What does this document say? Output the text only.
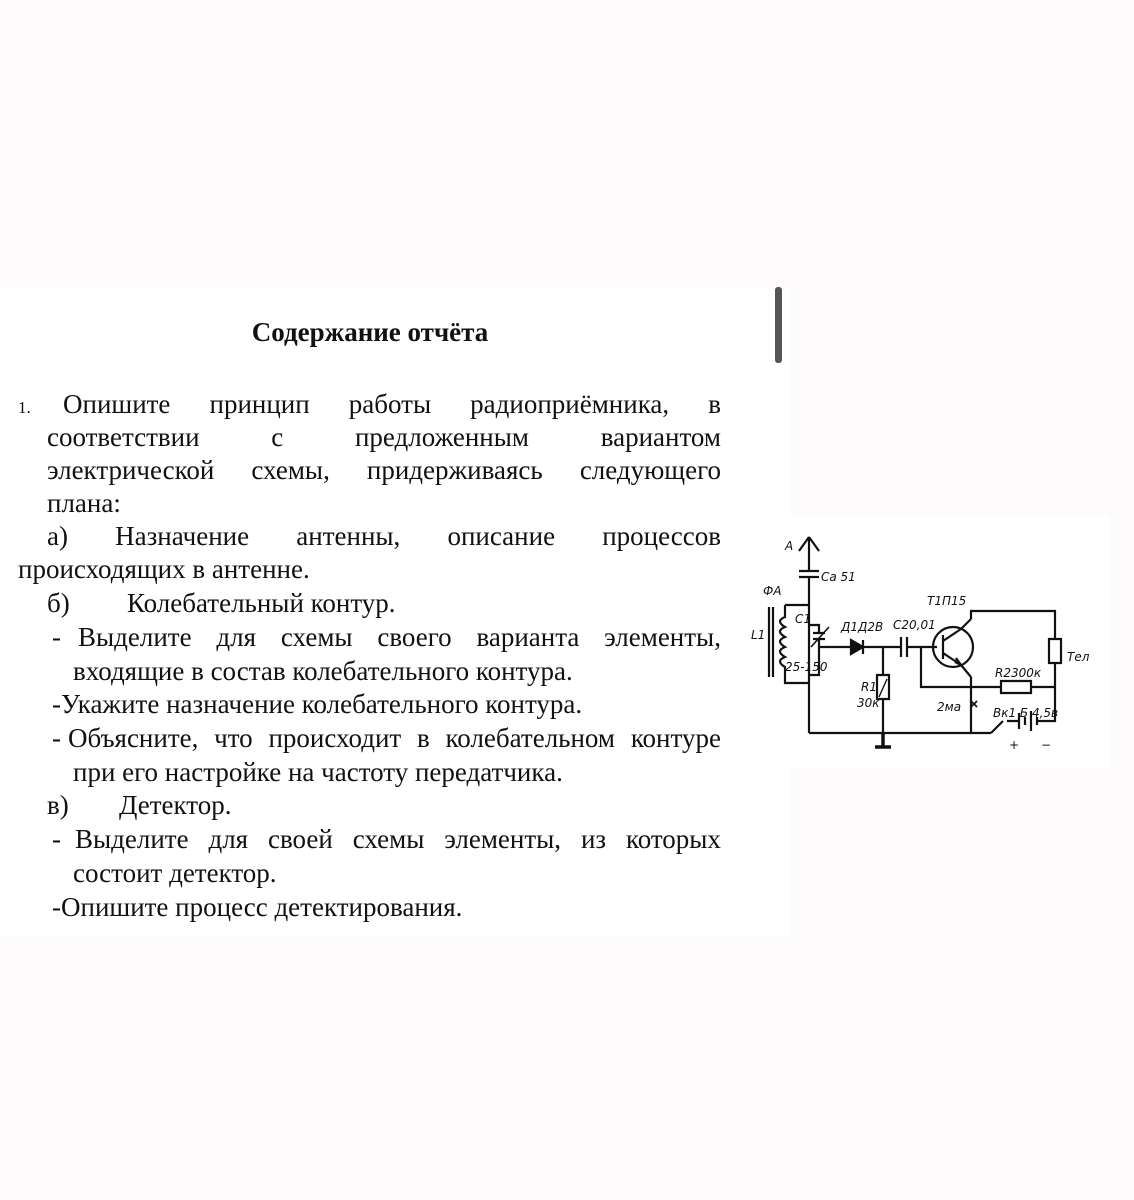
Содержание отчёта
1. Опишите принцип работы радиоприёмника, в
соответствии	с	предложенным	вариантом
электрической схемы, придерживаясь следующего
плана:
а) Назначение антенны, описание процессов
происходящих в антенне.
б) Колебательный контур.
- Выделите для схемы своего варианта элементы,
входящие в состав колебательного контура.
-Укажите назначение колебательного контура.
- Объясните, что происходит в колебательном контуре
при его настройке на частоту передатчика.
в) Детектор.
- Выделите для своей схемы элементы, из которых
состоит детектор.
-Опишите процесс детектирования.
А
ФА
Сa 51
L1
C1
25-150
Д1Д2В C20,01
T1П15
Тел
R1
30к
R2300к
2ма	Вк1 Б 4,5в
+ −
